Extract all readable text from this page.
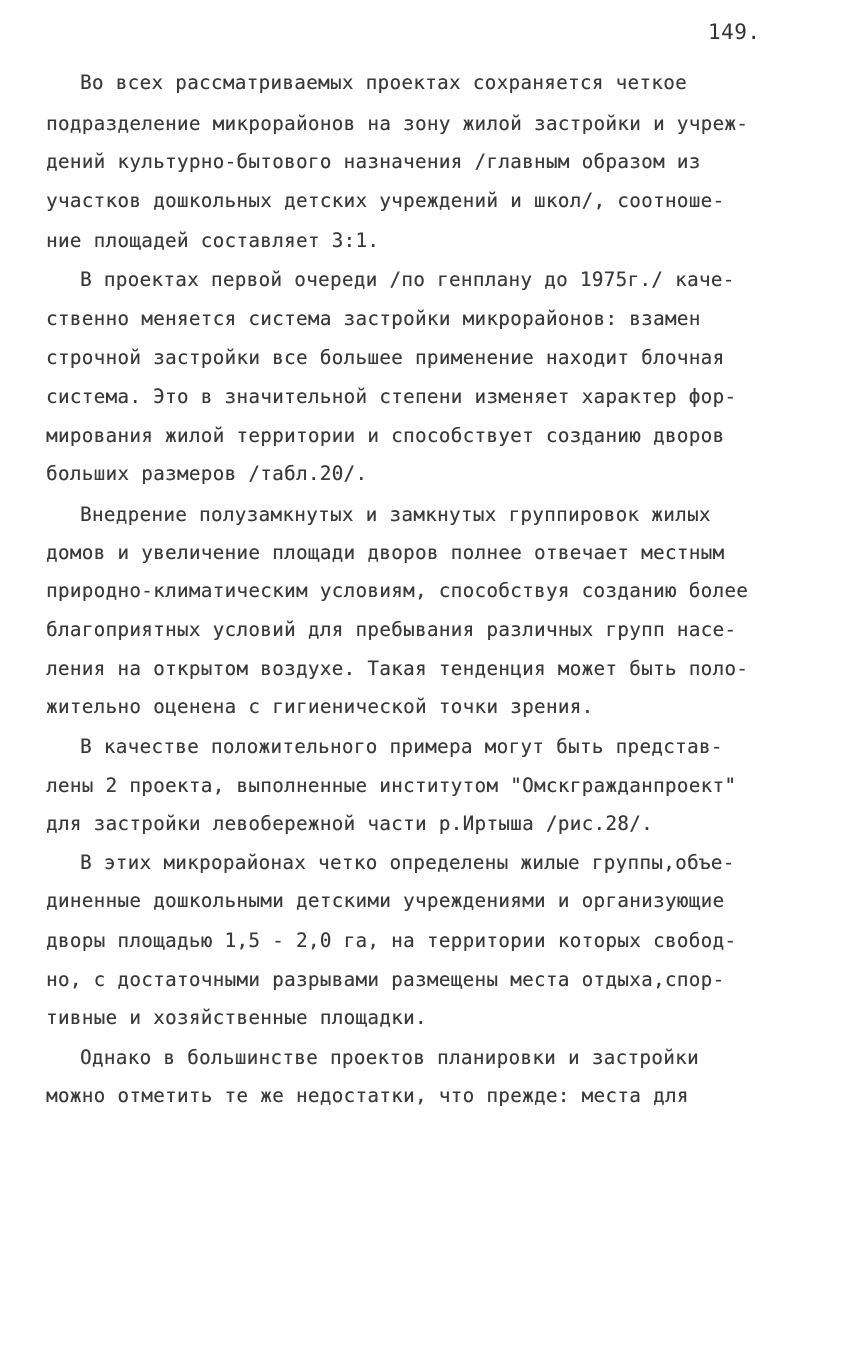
149.
Во всех рассматриваемых проектах сохраняется четкое
подразделение микрорайонов на зону жилой застройки и учреж-
дений культурно-бытового назначения /главным образом из
участков дошкольных детских учреждений и школ/, соотноше-
ние площадей составляет 3:1.
В проектах первой очереди /по генплану до 1975г./ каче-
ственно меняется система застройки микрорайонов: взамен
строчной застройки все большее применение находит блочная
система. Это в значительной степени изменяет характер фор-
мирования жилой территории и способствует созданию дворов
больших размеров /табл.20/.
Внедрение полузамкнутых и замкнутых группировок жилых
домов и увеличение площади дворов полнее отвечает местным
природно-климатическим условиям, способствуя созданию более
благоприятных условий для пребывания различных групп насе-
ления на открытом воздухе. Такая тенденция может быть поло-
жительно оценена с гигиенической точки зрения.
В качестве положительного примера могут быть представ-
лены 2 проекта, выполненные институтом "Омскгражданпроект"
для застройки левобережной части р.Иртыша /рис.28/.
В этих микрорайонах четко определены жилые группы,объе-
диненные дошкольными детскими учреждениями и организующие
дворы площадью 1,5 - 2,0 га, на территории которых свобод-
но, с достаточными разрывами размещены места отдыха,спор-
тивные и хозяйственные площадки.
Однако в большинстве проектов планировки и застройки
можно отметить те же недостатки, что прежде: места для
